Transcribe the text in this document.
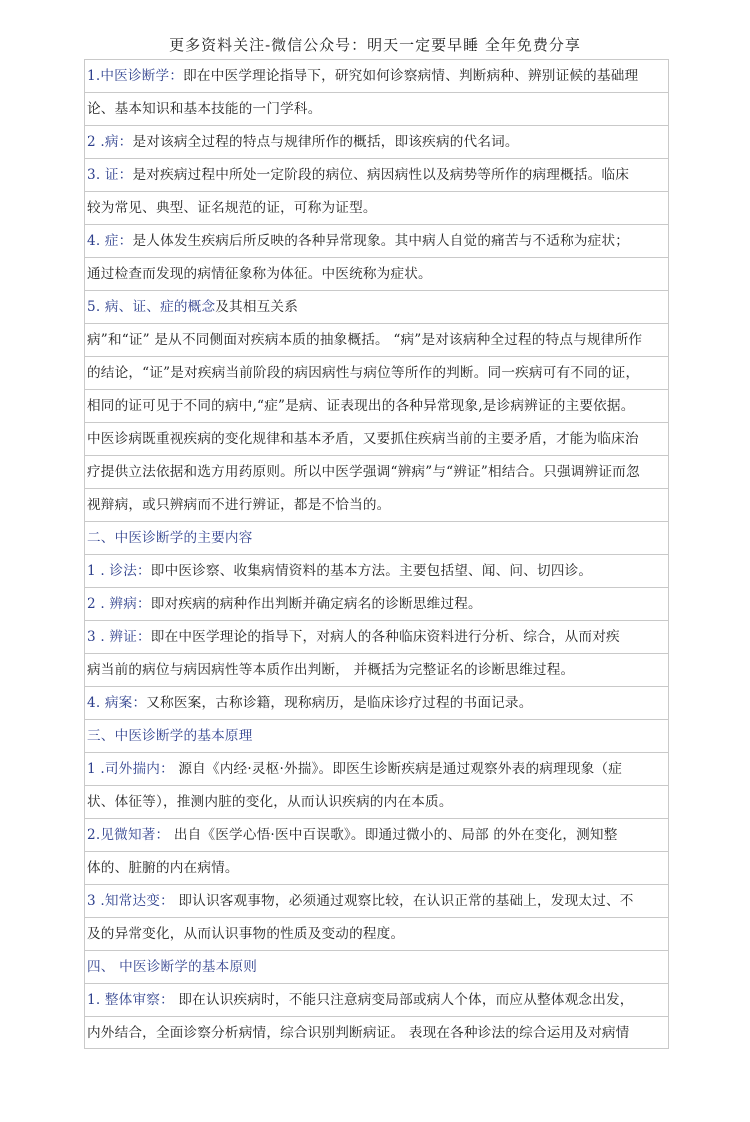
更多资料关注-微信公众号：明天一定要早睡 全年免费分享
1.中医诊断学：即在中医学理论指导下，研究如何诊察病情、判断病种、辨别证候的基础理
论、基本知识和基本技能的一门学科。
2 .病：是对该病全过程的特点与规律所作的概括，即该疾病的代名词。
3. 证：是对疾病过程中所处一定阶段的病位、病因病性以及病势等所作的病理概括。临床
较为常见、典型、证名规范的证，可称为证型。
4. 症：是人体发生疾病后所反映的各种异常现象。其中病人自觉的痛苦与不适称为症状；
通过检查而发现的病情征象称为体征。中医统称为症状。
5. 病、证、症的概念及其相互关系
病”和“证” 是从不同侧面对疾病本质的抽象概括。 “病”是对该病种全过程的特点与规律所作
的结论，“证”是对疾病当前阶段的病因病性与病位等所作的判断。同一疾病可有不同的证，
相同的证可见于不同的病中,“症”是病、证表现出的各种异常现象,是诊病辨证的主要依据。
中医诊病既重视疾病的变化规律和基本矛盾，又要抓住疾病当前的主要矛盾，才能为临床治
疗提供立法依据和选方用药原则。所以中医学强调“辨病”与“辨证”相结合。只强调辨证而忽
视辩病，或只辨病而不进行辨证，都是不恰当的。
二、中医诊断学的主要内容
1 . 诊法：即中医诊察、收集病情资料的基本方法。主要包括望、闻、问、切四诊。
2 . 辨病：即对疾病的病种作出判断并确定病名的诊断思维过程。
3 . 辨证：即在中医学理论的指导下，对病人的各种临床资料进行分析、综合，从而对疾
病当前的病位与病因病性等本质作出判断， 并概括为完整证名的诊断思维过程。
4. 病案：又称医案，古称诊籍，现称病历，是临床诊疗过程的书面记录。
三、中医诊断学的基本原理
1 .司外揣内： 源自《内经·灵枢·外揣》。即医生诊断疾病是通过观察外表的病理现象（症
状、体征等），推测内脏的变化，从而认识疾病的内在本质。
2.见微知著： 出自《医学心悟·医中百误歌》。即通过微小的、局部 的外在变化，测知整
体的、脏腑的内在病情。
3 .知常达变： 即认识客观事物，必须通过观察比较，在认识正常的基础上，发现太过、不
及的异常变化，从而认识事物的性质及变动的程度。
四、 中医诊断学的基本原则
1. 整体审察： 即在认识疾病时，不能只注意病变局部或病人个体，而应从整体观念出发，
内外结合，全面诊察分析病情，综合识别判断病证。 表现在各种诊法的综合运用及对病情
